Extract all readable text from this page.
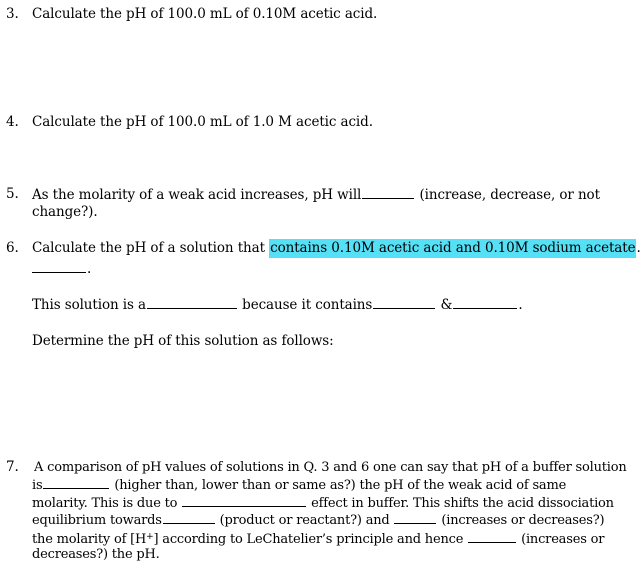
3. Calculate the pH of 100.0 mL of 0.10M acetic acid.
4. Calculate the pH of 100.0 mL of 1.0 M acetic acid.
5. As the molarity of a weak acid increases, pH will	(increase, decrease, or not
change?).
6. Calculate the pH of a solution that contains 0.10M acetic acid and 0.10M sodium acetate.
.
This solution is a	because it contains	&	.
Determine the pH of this solution as follows:
7.	A comparison of pH values of solutions in Q. 3 and 6 one can say that pH of a buffer solution
is	(higher than, lower than or same as?) the pH of the weak acid of same
molarity. This is due to	effect in buffer. This shifts the acid dissociation
equilibrium towards	(product or reactant?) and	(increases or decreases?)
the molarity of [H+] according to LeChatelier’s principle and hence	(increases or
decreases?) the pH.
